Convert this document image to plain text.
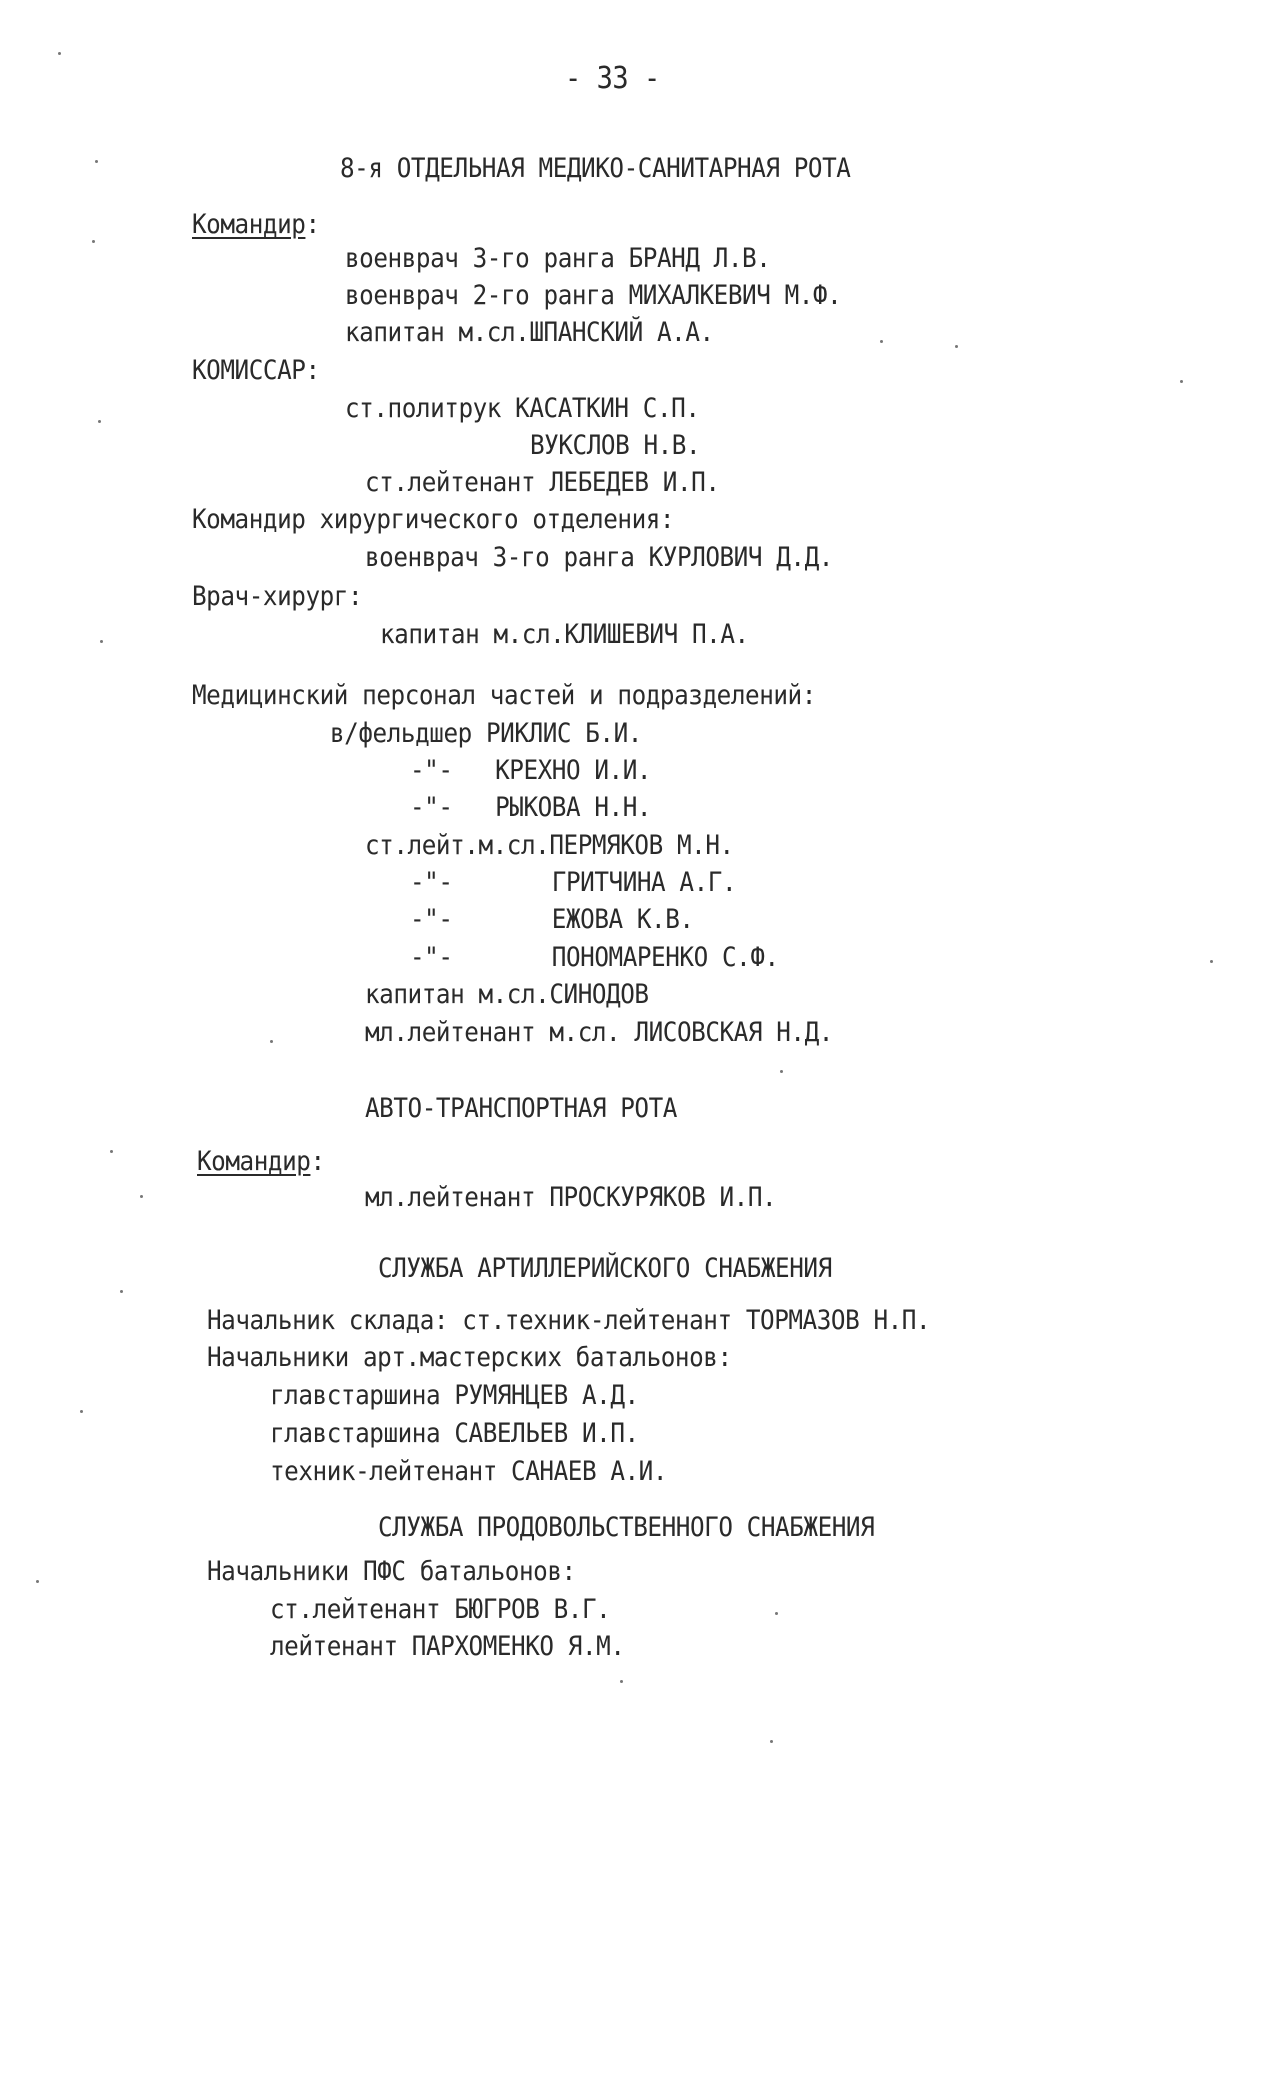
- 33 -
8-я ОТДЕЛЬНАЯ МЕДИКО-САНИТАРНАЯ РОТА
Командир:
военврач 3-го ранга БРАНД Л.В.
военврач 2-го ранга МИХАЛКЕВИЧ М.Ф.
капитан м.сл.ШПАНСКИЙ А.А.
КОМИССАР:
ст.политрук КАСАТКИН С.П.
ВУКСЛОВ Н.В.
ст.лейтенант ЛЕБЕДЕВ И.П.
Командир хирургического отделения:
военврач 3-го ранга КУРЛОВИЧ Д.Д.
Врач-хирург:
капитан м.сл.КЛИШЕВИЧ П.А.
Медицинский персонал частей и подразделений:
в/фельдшер РИКЛИС Б.И.
-"-   КРЕХНО И.И.
-"-   РЫКОВА Н.Н.
ст.лейт.м.сл.ПЕРМЯКОВ М.Н.
-"-       ГРИТЧИНА А.Г.
-"-       ЕЖОВА К.В.
-"-       ПОНОМАРЕНКО С.Ф.
капитан м.сл.СИНОДОВ
мл.лейтенант м.сл. ЛИСОВСКАЯ Н.Д.
АВТО-ТРАНСПОРТНАЯ РОТА
Командир:
мл.лейтенант ПРОСКУРЯКОВ И.П.
СЛУЖБА АРТИЛЛЕРИЙСКОГО СНАБЖЕНИЯ
Начальник склада: ст.техник-лейтенант ТОРМАЗОВ Н.П.
Начальники арт.мастерских батальонов:
главстаршина РУМЯНЦЕВ А.Д.
главстаршина САВЕЛЬЕВ И.П.
техник-лейтенант САНАЕВ А.И.
СЛУЖБА ПРОДОВОЛЬСТВЕННОГО СНАБЖЕНИЯ
Начальники ПФС батальонов:
ст.лейтенант БЮГРОВ В.Г.
лейтенант ПАРХОМЕНКО Я.М.
